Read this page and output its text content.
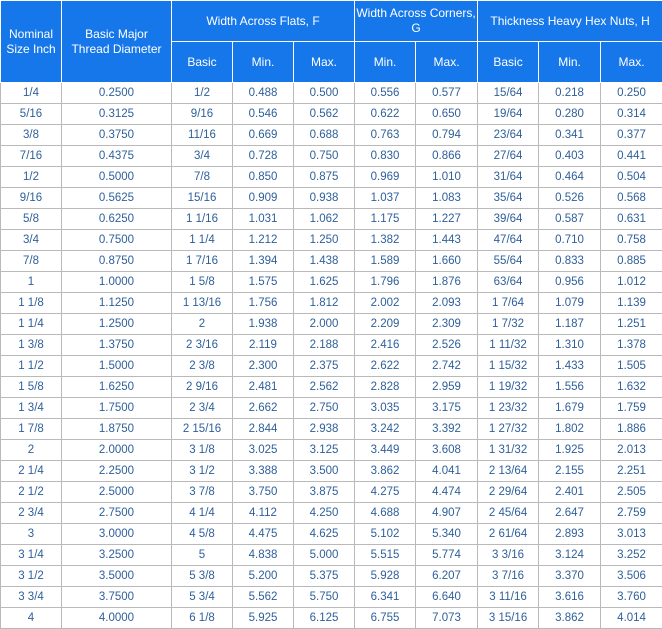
Nominal Size Inch	Basic Major Thread Diameter	Width Across Flats, F			Width Across Corners, G		Thickness Heavy Hex Nuts, H		
		Basic	Min.	Max.	Min.	Max.	Basic	Min.	Max.
1/4	0.2500	1/2	0.488	0.500	0.556	0.577	15/64	0.218	0.250
5/16	0.3125	9/16	0.546	0.562	0.622	0.650	19/64	0.280	0.314
3/8	0.3750	11/16	0.669	0.688	0.763	0.794	23/64	0.341	0.377
7/16	0.4375	3/4	0.728	0.750	0.830	0.866	27/64	0.403	0.441
1/2	0.5000	7/8	0.850	0.875	0.969	1.010	31/64	0.464	0.504
9/16	0.5625	15/16	0.909	0.938	1.037	1.083	35/64	0.526	0.568
5/8	0.6250	1 1/16	1.031	1.062	1.175	1.227	39/64	0.587	0.631
3/4	0.7500	1 1/4	1.212	1.250	1.382	1.443	47/64	0.710	0.758
7/8	0.8750	1 7/16	1.394	1.438	1.589	1.660	55/64	0.833	0.885
1	1.0000	1 5/8	1.575	1.625	1.796	1.876	63/64	0.956	1.012
1 1/8	1.1250	1 13/16	1.756	1.812	2.002	2.093	1 7/64	1.079	1.139
1 1/4	1.2500	2	1.938	2.000	2.209	2.309	1 7/32	1.187	1.251
1 3/8	1.3750	2 3/16	2.119	2.188	2.416	2.526	1 11/32	1.310	1.378
1 1/2	1.5000	2 3/8	2.300	2.375	2.622	2.742	1 15/32	1.433	1.505
1 5/8	1.6250	2 9/16	2.481	2.562	2.828	2.959	1 19/32	1.556	1.632
1 3/4	1.7500	2 3/4	2.662	2.750	3.035	3.175	1 23/32	1.679	1.759
1 7/8	1.8750	2 15/16	2.844	2.938	3.242	3.392	1 27/32	1.802	1.886
2	2.0000	3 1/8	3.025	3.125	3.449	3.608	1 31/32	1.925	2.013
2 1/4	2.2500	3 1/2	3.388	3.500	3.862	4.041	2 13/64	2.155	2.251
2 1/2	2.5000	3 7/8	3.750	3.875	4.275	4.474	2 29/64	2.401	2.505
2 3/4	2.7500	4 1/4	4.112	4.250	4.688	4.907	2 45/64	2.647	2.759
3	3.0000	4 5/8	4.475	4.625	5.102	5.340	2 61/64	2.893	3.013
3 1/4	3.2500	5	4.838	5.000	5.515	5.774	3 3/16	3.124	3.252
3 1/2	3.5000	5 3/8	5.200	5.375	5.928	6.207	3 7/16	3.370	3.506
3 3/4	3.7500	5 3/4	5.562	5.750	6.341	6.640	3 11/16	3.616	3.760
4	4.0000	6 1/8	5.925	6.125	6.755	7.073	3 15/16	3.862	4.014
